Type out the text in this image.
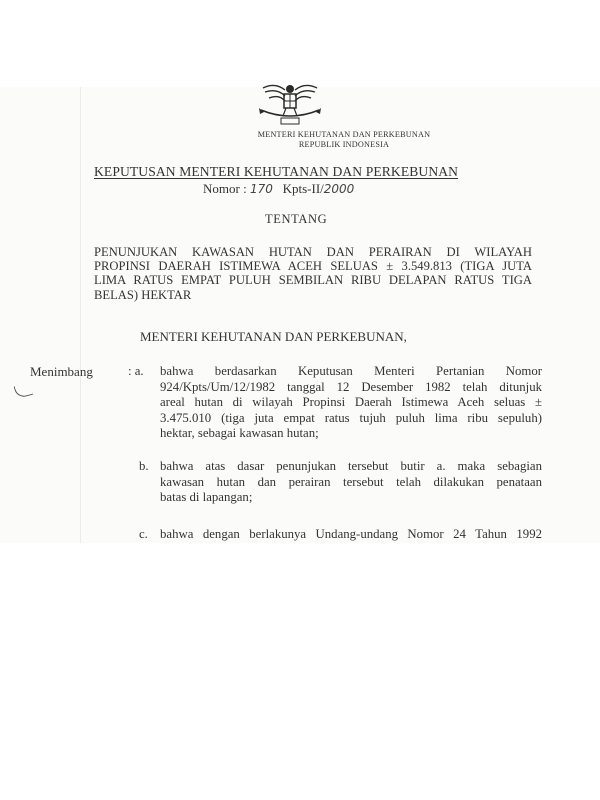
MENTERI KEHUTANAN DAN PERKEBUNAN
REPUBLIK INDONESIA
KEPUTUSAN MENTERI KEHUTANAN DAN PERKEBUNAN
Nomor : 170 Kpts-II/2000
TENTANG
PENUNJUKAN KAWASAN HUTAN DAN PERAIRAN DI WILAYAH
PROPINSI DAERAH ISTIMEWA ACEH SELUAS ± 3.549.813 (TIGA JUTA
LIMA RATUS EMPAT PULUH SEMBILAN RIBU DELAPAN RATUS TIGA
BELAS) HEKTAR
MENTERI KEHUTANAN DAN PERKEBUNAN,
Menimbang	: a. bahwa berdasarkan Keputusan Menteri Pertanian Nomor
924/Kpts/Um/12/1982 tanggal 12 Desember 1982 telah ditunjuk
areal hutan di wilayah Propinsi Daerah Istimewa Aceh seluas ±
3.475.010 (tiga juta empat ratus tujuh puluh lima ribu sepuluh)
hektar, sebagai kawasan hutan;
b. bahwa atas dasar penunjukan tersebut butir a. maka sebagian
kawasan hutan dan perairan tersebut telah dilakukan penataan
batas di lapangan;
c. bahwa dengan berlakunya Undang-undang Nomor 24 Tahun 1992
